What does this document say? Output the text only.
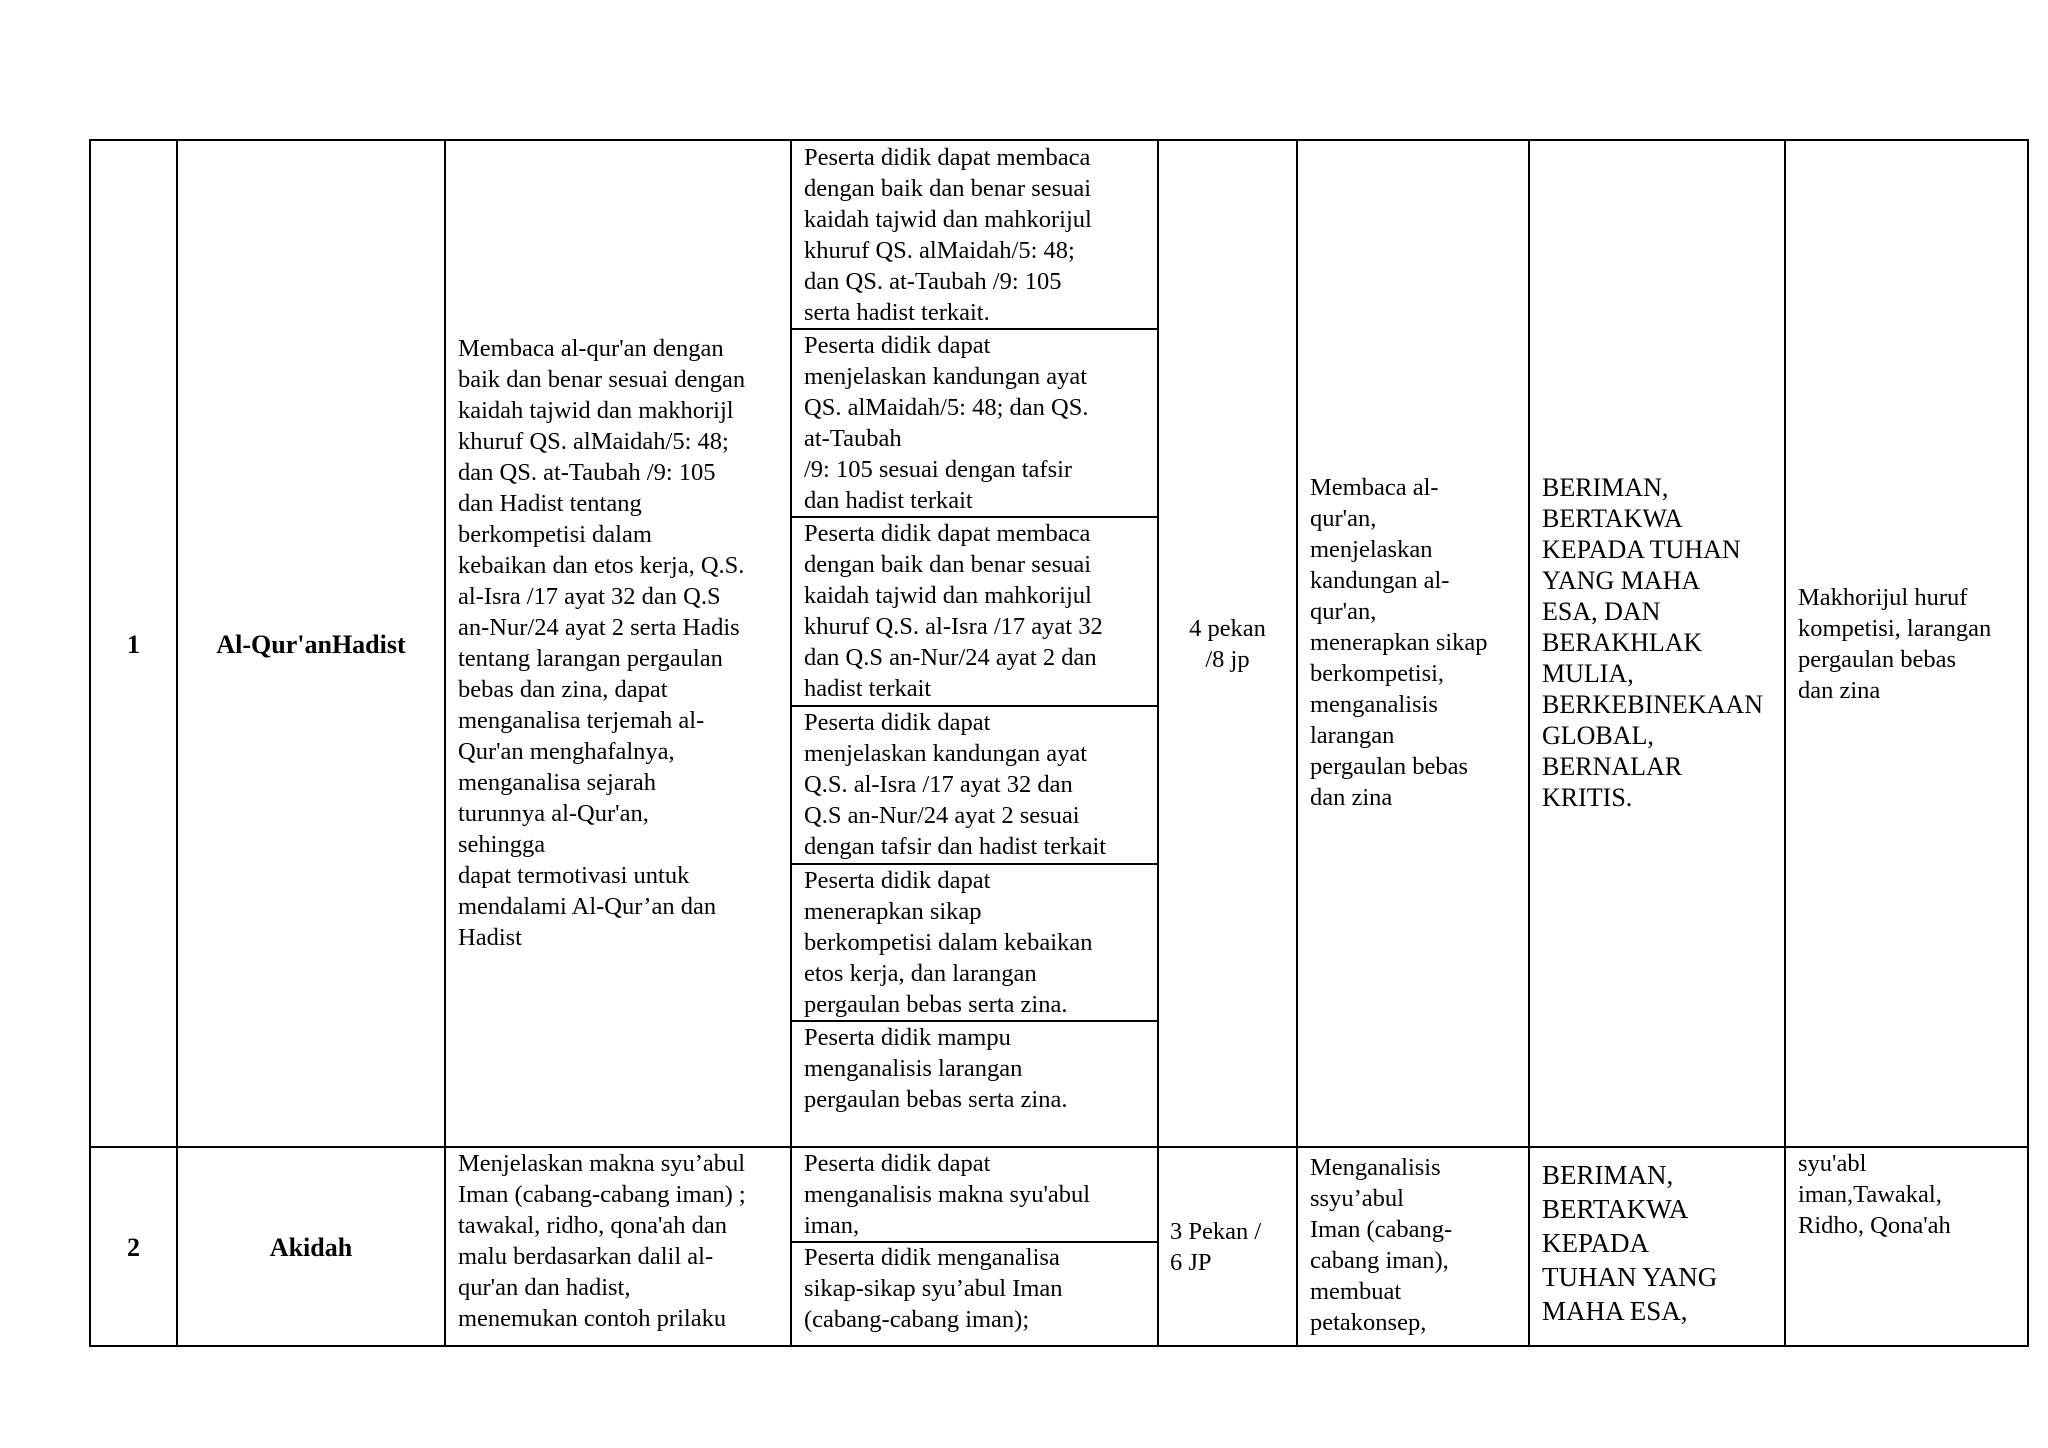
1	Al-Qur'anHadist
Membaca al-qur'an dengan
baik dan benar sesuai dengan
kaidah tajwid dan makhorijl
khuruf QS. alMaidah/5: 48;
dan QS. at-Taubah /9: 105
dan Hadist tentang
berkompetisi dalam
kebaikan dan etos kerja, Q.S.
al-Isra /17 ayat 32 dan Q.S
an-Nur/24 ayat 2 serta Hadis
tentang larangan pergaulan
bebas dan zina, dapat
menganalisa terjemah al-
Qur'an menghafalnya,
menganalisa sejarah
turunnya al-Qur'an,
sehingga
dapat termotivasi untuk
mendalami Al-Qur’an dan
Hadist
Peserta didik dapat membaca
dengan baik dan benar sesuai
kaidah tajwid dan mahkorijul
khuruf QS. alMaidah/5: 48;
dan QS. at-Taubah /9: 105
serta hadist terkait.
Peserta didik dapat
menjelaskan kandungan ayat
QS. alMaidah/5: 48; dan QS.
at-Taubah
/9: 105 sesuai dengan tafsir
dan hadist terkait
Peserta didik dapat membaca
dengan baik dan benar sesuai
kaidah tajwid dan mahkorijul
khuruf Q.S. al-Isra /17 ayat 32
dan Q.S an-Nur/24 ayat 2 dan
hadist terkait
Peserta didik dapat
menjelaskan kandungan ayat
Q.S. al-Isra /17 ayat 32 dan
Q.S an-Nur/24 ayat 2 sesuai
dengan tafsir dan hadist terkait
Peserta didik dapat
menerapkan sikap
berkompetisi dalam kebaikan
etos kerja, dan larangan
pergaulan bebas serta zina.
Peserta didik mampu
menganalisis larangan
pergaulan bebas serta zina.
4 pekan
/8 jp
Membaca al-
qur'an,
menjelaskan
kandungan al-
qur'an,
menerapkan sikap
berkompetisi,
menganalisis
larangan
pergaulan bebas
dan zina
BERIMAN,
BERTAKWA
KEPADA TUHAN
YANG MAHA
ESA, DAN
BERAKHLAK
MULIA,
BERKEBINEKAAN
GLOBAL,
BERNALAR
KRITIS.
Makhorijul huruf
kompetisi, larangan
pergaulan bebas
dan zina
2	Akidah
Menjelaskan makna syu’abul
Iman (cabang-cabang iman) ;
tawakal, ridho, qona'ah dan
malu berdasarkan dalil al-
qur'an dan hadist,
menemukan contoh prilaku
Peserta didik dapat
menganalisis makna syu'abul
iman,
Peserta didik menganalisa
sikap-sikap syu’abul Iman
(cabang-cabang iman);
3 Pekan /
6 JP
Menganalisis
ssyu’abul
Iman (cabang-
cabang iman),
membuat
petakonsep,
BERIMAN,
BERTAKWA
KEPADA
TUHAN YANG
MAHA ESA,
syu'abl
iman,Tawakal,
Ridho, Qona'ah
